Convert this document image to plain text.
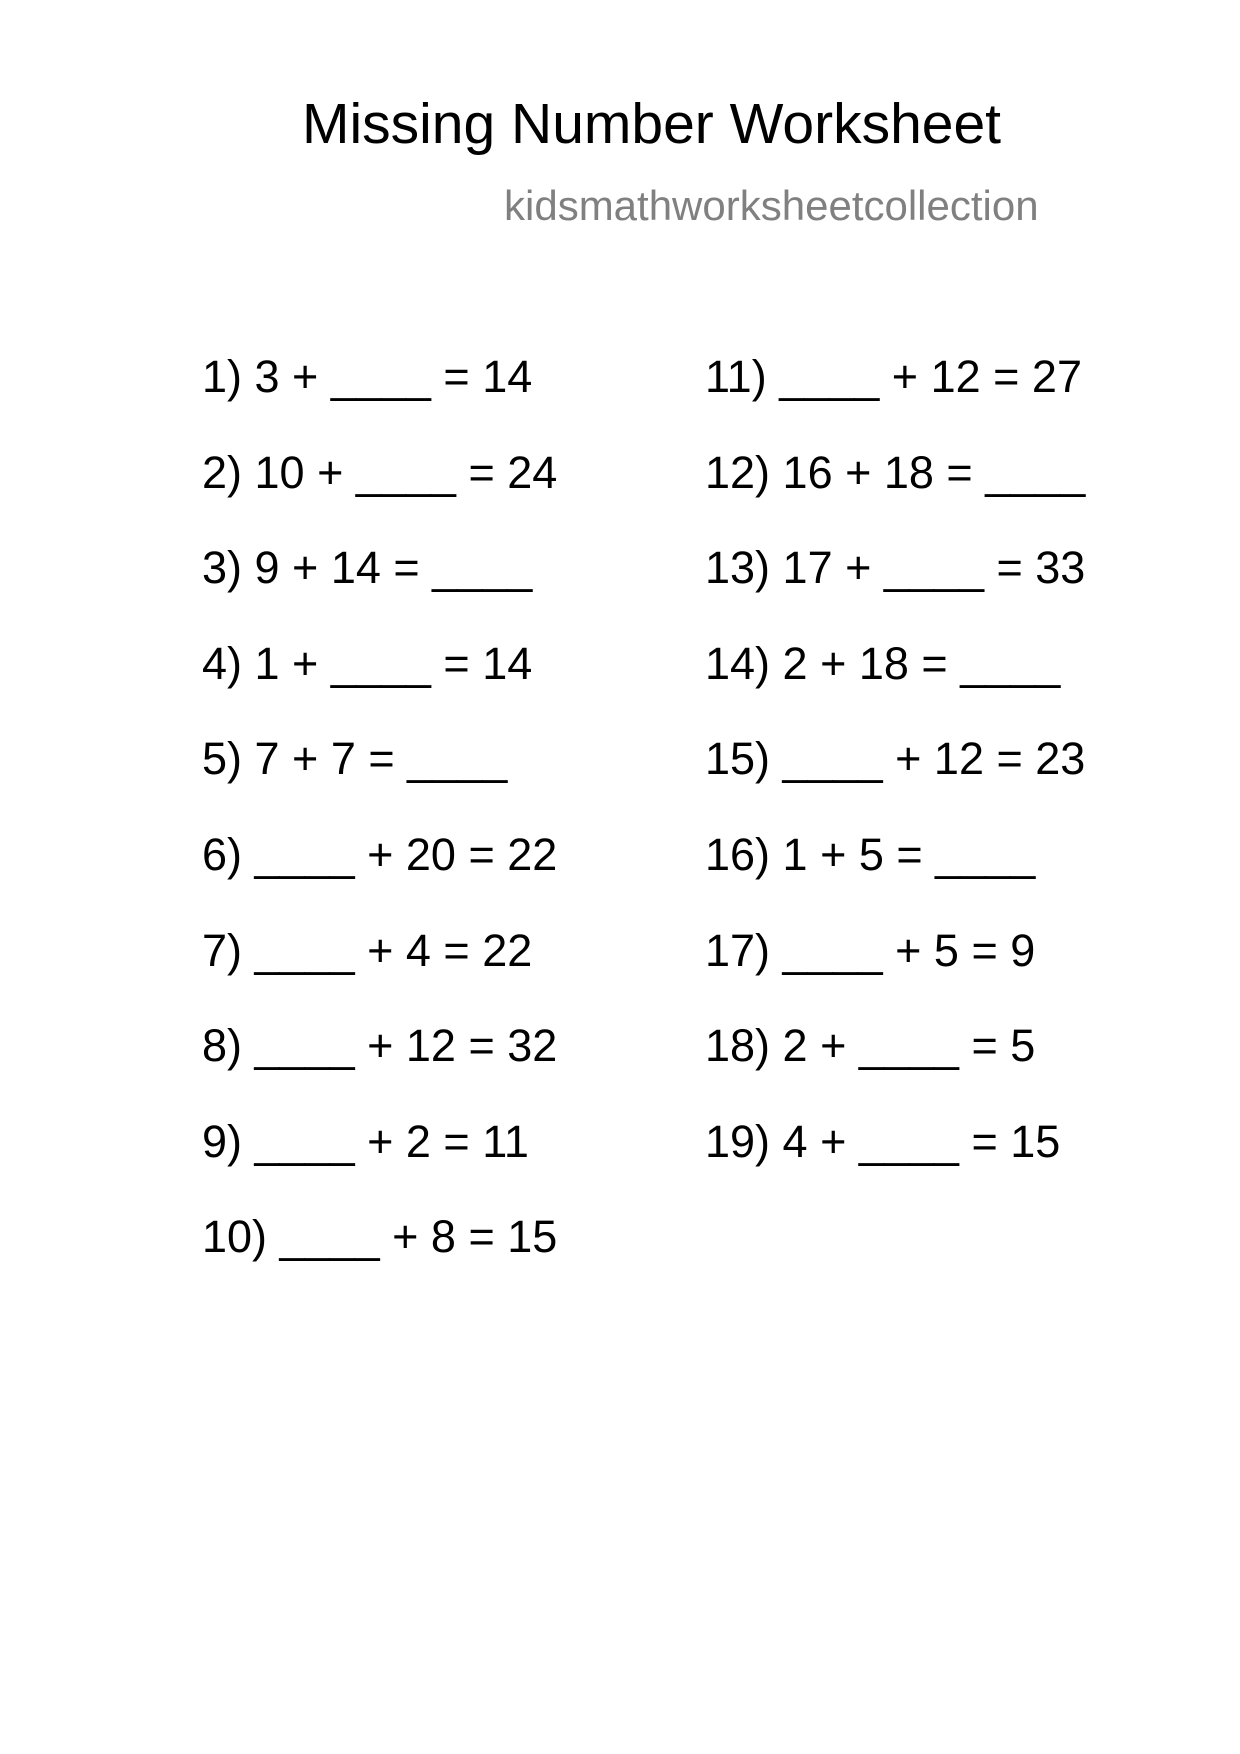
Missing Number Worksheet
kidsmathworksheetcollection
1) 3 + ____ = 14
2) 10 + ____ = 24
3) 9 + 14 = ____
4) 1 + ____ = 14
5) 7 + 7 = ____
6) ____ + 20 = 22
7) ____ + 4 = 22
8) ____ + 12 = 32
9) ____ + 2 = 11
10) ____ + 8 = 15
11) ____ + 12 = 27
12) 16 + 18 = ____
13) 17 + ____ = 33
14) 2 + 18 = ____
15) ____ + 12 = 23
16) 1 + 5 = ____
17) ____ + 5 = 9
18) 2 + ____ = 5
19) 4 + ____ = 15
